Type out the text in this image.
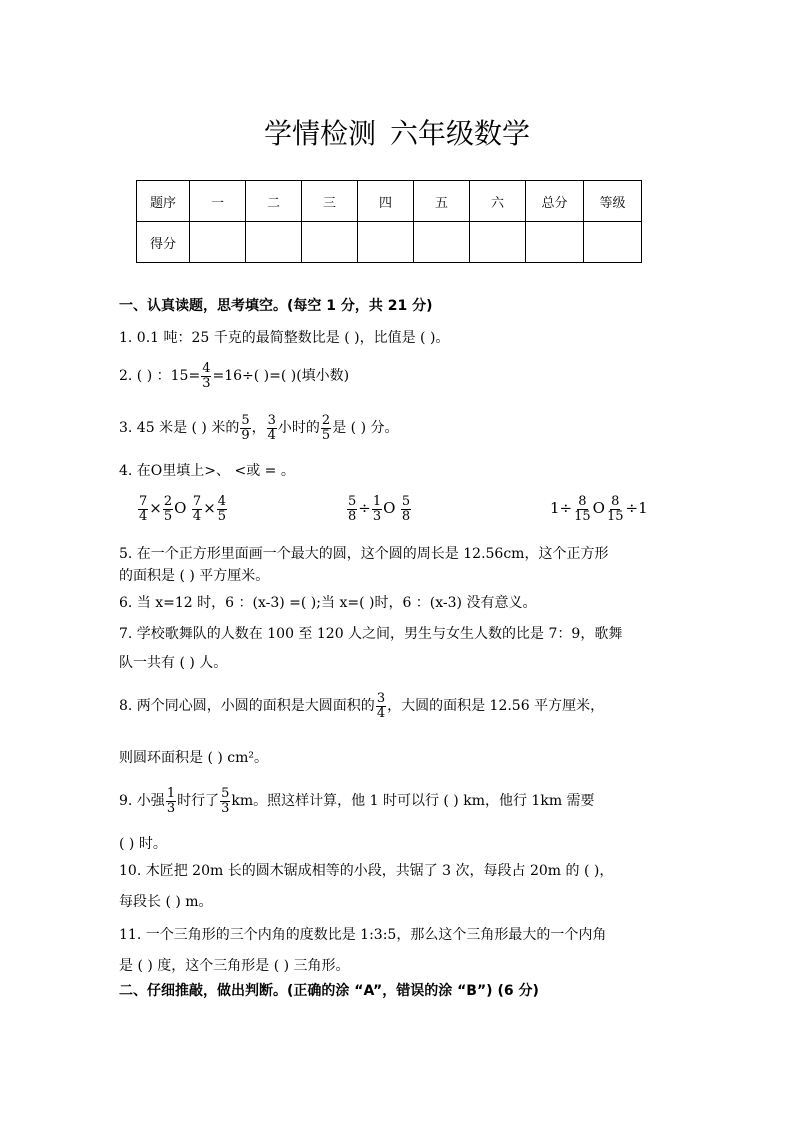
学情检测 六年级数学
题序	一	二	三	四	五	六	总分	等级
得分								
一、认真读题，思考填空。(每空 1 分，共 21 分)
1. 0.1 吨：25 千克的最简整数比是 ( )，比值是 ( )。
2. ( ) ：$15= \frac{4}{3} =16\div$( )=( )(填小数)
3. 45 米是 ( ) 米的 $\frac{5}{9}$ ， $\frac{3}{4}$ 小时的 $\frac{2}{5}$ 是 ( ) 分。
4. 在O里填上>、 <或 = 。
$\frac{7}{4} \times \frac{2}{5}$ O $\frac{7}{4} \times \frac{4}{5}$	$\frac{5}{8} \div \frac{1}{3}$ O $\frac{5}{8}$	$1\div \frac{8}{15}$ O $\frac{8}{15} \div 1$
5. 在一个正方形里面画一个最大的圆，这个圆的周长是 12.56cm，这个正方形
的面积是 ( ) 平方厘米。
6. 当 x=12 时，6 ：(x-3) =( );当 x=( )时，6 ：(x-3) 没有意义。
7. 学校歌舞队的人数在 100 至 120 人之间，男生与女生人数的比是 7：9，歌舞
队一共有 ( ) 人。
8. 两个同心圆，小圆的面积是大圆面积的 $\frac{3}{4}$ ，大圆的面积是 12.56 平方厘米，
则圆环面积是 ( ) cm²。
9. 小强 $\frac{1}{3}$ 时行了 $\frac{5}{3}$ km。照这样计算，他 1 时可以行 ( ) km，他行 1km 需要
( ) 时。
10. 木匠把 20m 长的圆木锯成相等的小段，共锯了 3 次，每段占 20m 的 ( )，
每段长 ( ) m。
11. 一个三角形的三个内角的度数比是 1:3:5，那么这个三角形最大的一个内角
是 ( ) 度，这个三角形是 ( ) 三角形。
二、仔细推敲，做出判断。(正确的涂 “A”，错误的涂 “B”) (6 分)
